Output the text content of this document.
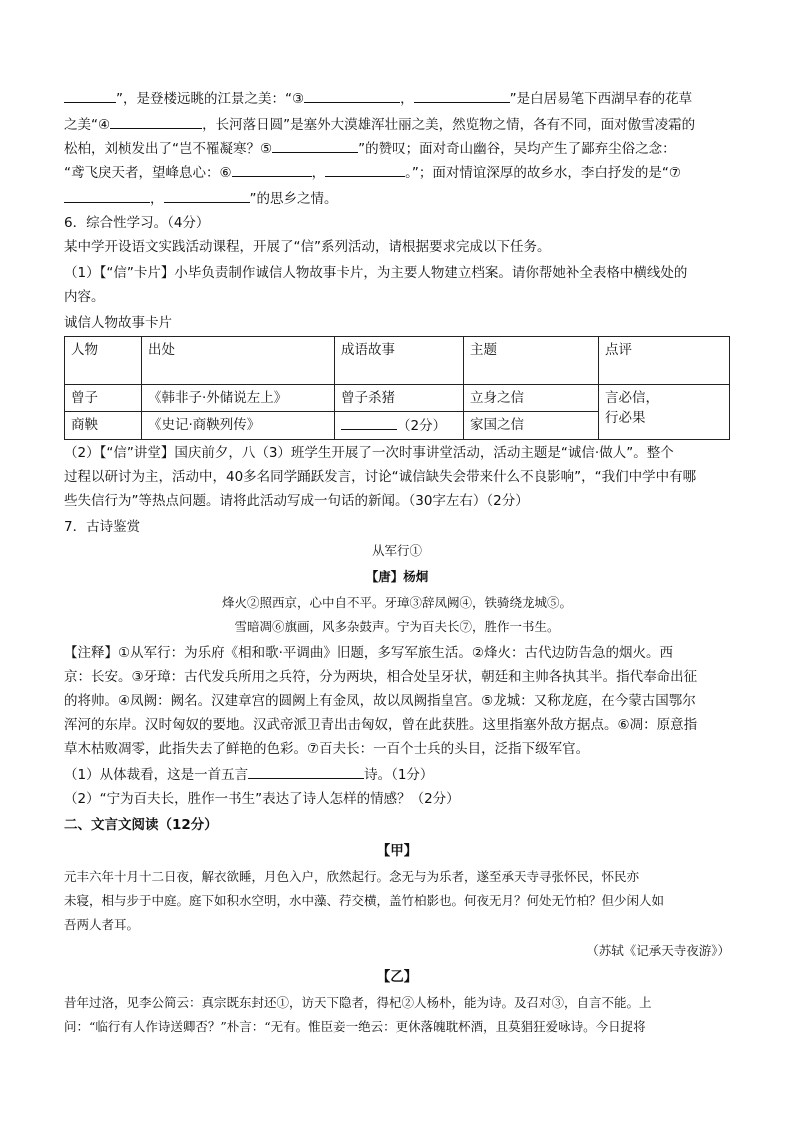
”，是登楼远眺的江景之美：“③	，	”是白居易笔下西湖早春的花草
之美“④	，长河落日圆”是塞外大漠雄浑壮丽之美，然览物之情，各有不同，面对傲雪凌霜的
松柏，刘桢发出了“岂不罹凝寒？⑤	”的赞叹；面对奇山幽谷，吴均产生了鄙弃尘俗之念：
“鸢飞戾天者，望峰息心：⑥	，	。”；面对情谊深厚的故乡水，李白抒发的是“⑦
，	”的思乡之情。
6．综合性学习。（4分）
某中学开设语文实践活动课程，开展了“信”系列活动，请根据要求完成以下任务。
（1）【“信”卡片】小毕负责制作诚信人物故事卡片，为主要人物建立档案。请你帮她补全表格中横线处的
内容。
诚信人物故事卡片
人物	出处	成语故事	主题	点评
曾子	《韩非子·外储说左上》	曾子杀猪	立身之信	言必信，
行必果

商鞅	《史记·商鞅列传》	（2分）	家国之信	
（2）【“信”讲堂】国庆前夕，八（3）班学生开展了一次时事讲堂活动，活动主题是“诚信·做人”。整个
过程以研讨为主，活动中，40多名同学踊跃发言，讨论“诚信缺失会带来什么不良影响”，“我们中学中有哪
些失信行为”等热点问题。请将此活动写成一句话的新闻。（30字左右）（2分）
7．古诗鉴赏
从军行①
【唐】杨炯
烽火②照西京，心中自不平。牙璋③辞凤阙④，铁骑绕龙城⑤。
雪暗凋⑥旗画，风多杂鼓声。宁为百夫长⑦，胜作一书生。
【注释】①从军行：为乐府《相和歌·平调曲》旧题，多写军旅生活。②烽火：古代边防告急的烟火。西
京：长安。③牙璋：古代发兵所用之兵符，分为两块，相合处呈牙状，朝廷和主帅各执其半。指代奉命出征
的将帅。④凤阙：阙名。汉建章宫的圆阙上有金凤，故以凤阙指皇宫。⑤龙城：又称龙庭，在今蒙古国鄂尔
浑河的东岸。汉时匈奴的要地。汉武帝派卫青出击匈奴，曾在此获胜。这里指塞外敌方据点。⑥凋：原意指
草木枯败凋零，此指失去了鲜艳的色彩。⑦百夫长：一百个士兵的头目，泛指下级军官。
（1）从体裁看，这是一首五言	诗。（1分）
（2）“宁为百夫长，胜作一书生”表达了诗人怎样的情感？（2分）
二、文言文阅读（12分）
【甲】
元丰六年十月十二日夜，解衣欲睡，月色入户，欣然起行。念无与为乐者，遂至承天寺寻张怀民，怀民亦
未寝，相与步于中庭。庭下如积水空明，水中藻、荇交横，盖竹柏影也。何夜无月？何处无竹柏？但少闲人如
吾两人者耳。
（苏轼《记承天寺夜游》）
【乙】
昔年过洛，见李公简云：真宗既东封还①，访天下隐者，得杞②人杨朴，能为诗。及召对③，自言不能。上
问：“临行有人作诗送卿否？”朴言：“无有。惟臣妾一绝云：更休落魄耽杯酒，且莫猖狂爱咏诗。今日捉将
